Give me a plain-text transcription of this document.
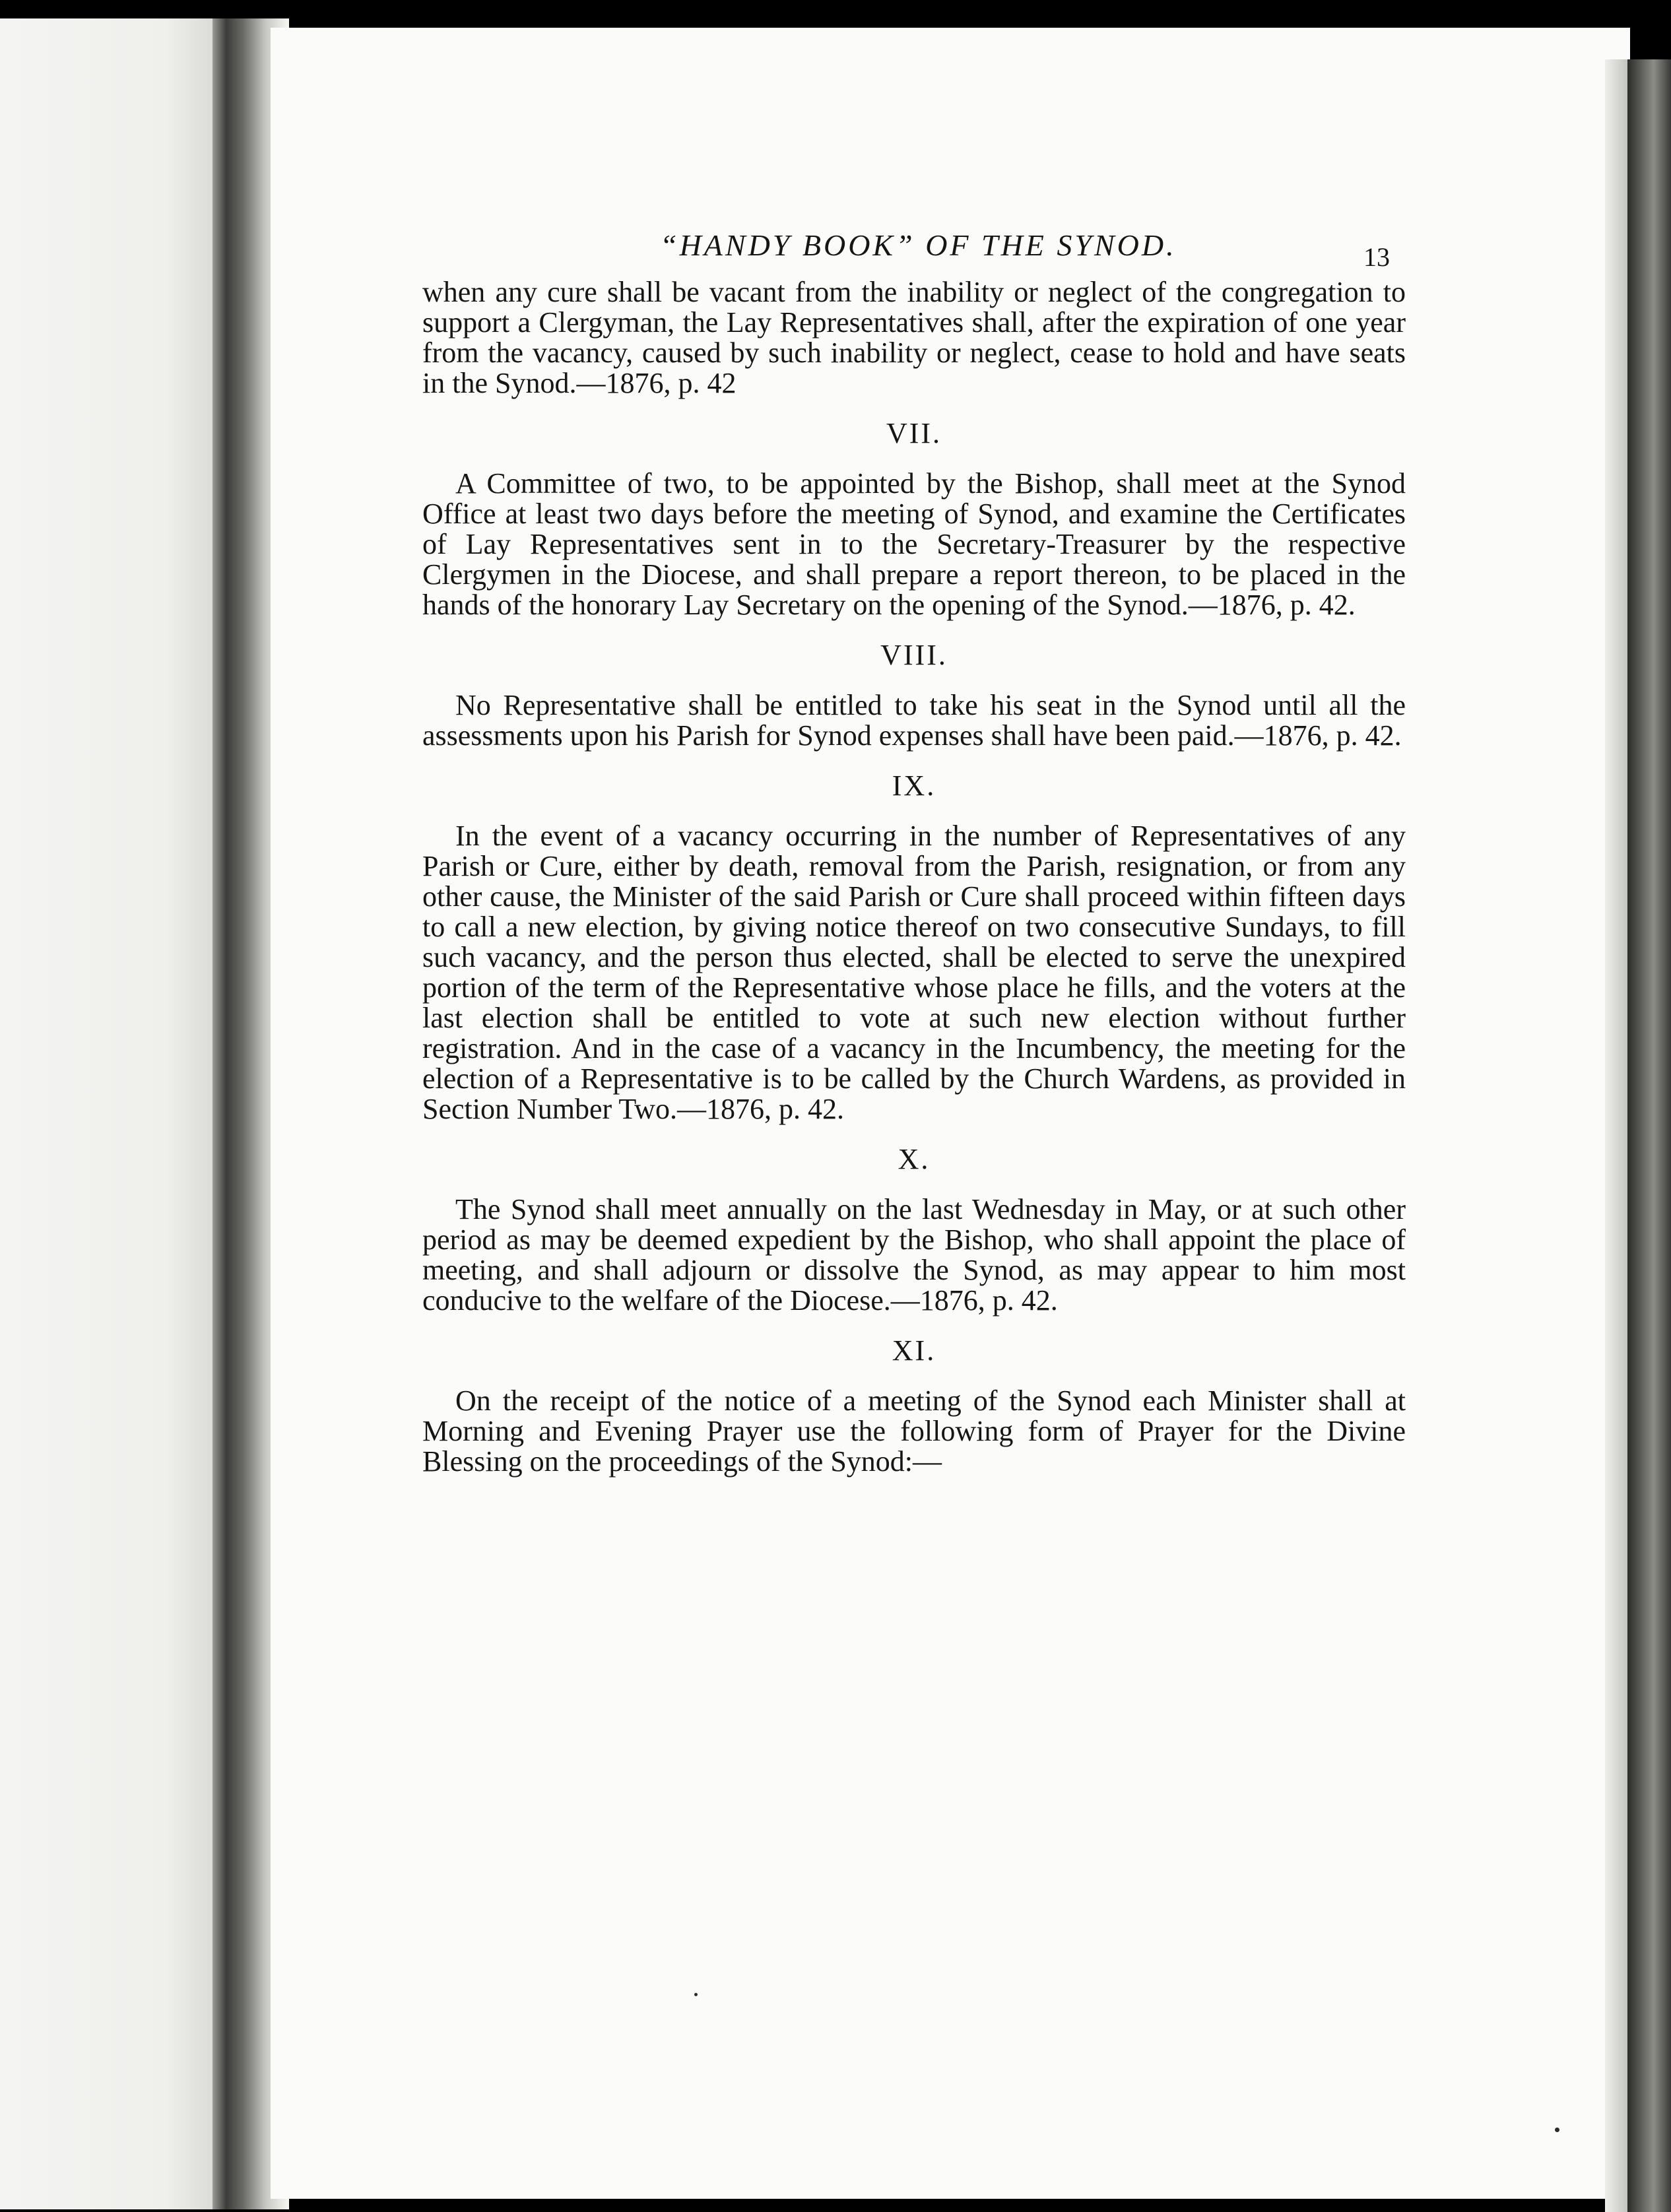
“HANDY BOOK” OF THE SYNOD.	13

when any cure shall be vacant from the inability or neglect of the congregation to support a Clergyman, the Lay Representatives shall, after the expiration of one year from the vacancy, caused by such inability or neglect, cease to hold and have seats in the Synod.—1876, p. 42

VII.

A Committee of two, to be appointed by the Bishop, shall meet at the Synod Office at least two days before the meeting of Synod, and examine the Certificates of Lay Representatives sent in to the Secretary-Treasurer by the respective Clergymen in the Diocese, and shall prepare a report thereon, to be placed in the hands of the honorary Lay Secretary on the opening of the Synod.—1876, p. 42.

VIII.

No Representative shall be entitled to take his seat in the Synod until all the assessments upon his Parish for Synod expenses shall have been paid.—1876, p. 42.

IX.

In the event of a vacancy occurring in the number of Representatives of any Parish or Cure, either by death, removal from the Parish, resignation, or from any other cause, the Minister of the said Parish or Cure shall proceed within fifteen days to call a new election, by giving notice thereof on two consecutive Sundays, to fill such vacancy, and the person thus elected, shall be elected to serve the unexpired portion of the term of the Representative whose place he fills, and the voters at the last election shall be entitled to vote at such new election without further registration. And in the case of a vacancy in the Incumbency, the meeting for the election of a Representative is to be called by the Church Wardens, as provided in Section Number Two.—1876, p. 42.

X.

The Synod shall meet annually on the last Wednesday in May, or at such other period as may be deemed expedient by the Bishop, who shall appoint the place of meeting, and shall adjourn or dissolve the Synod, as may appear to him most conducive to the welfare of the Diocese.—1876, p. 42.

XI.

On the receipt of the notice of a meeting of the Synod each Minister shall at Morning and Evening Prayer use the following form of Prayer for the Divine Blessing on the proceedings of the Synod:—
